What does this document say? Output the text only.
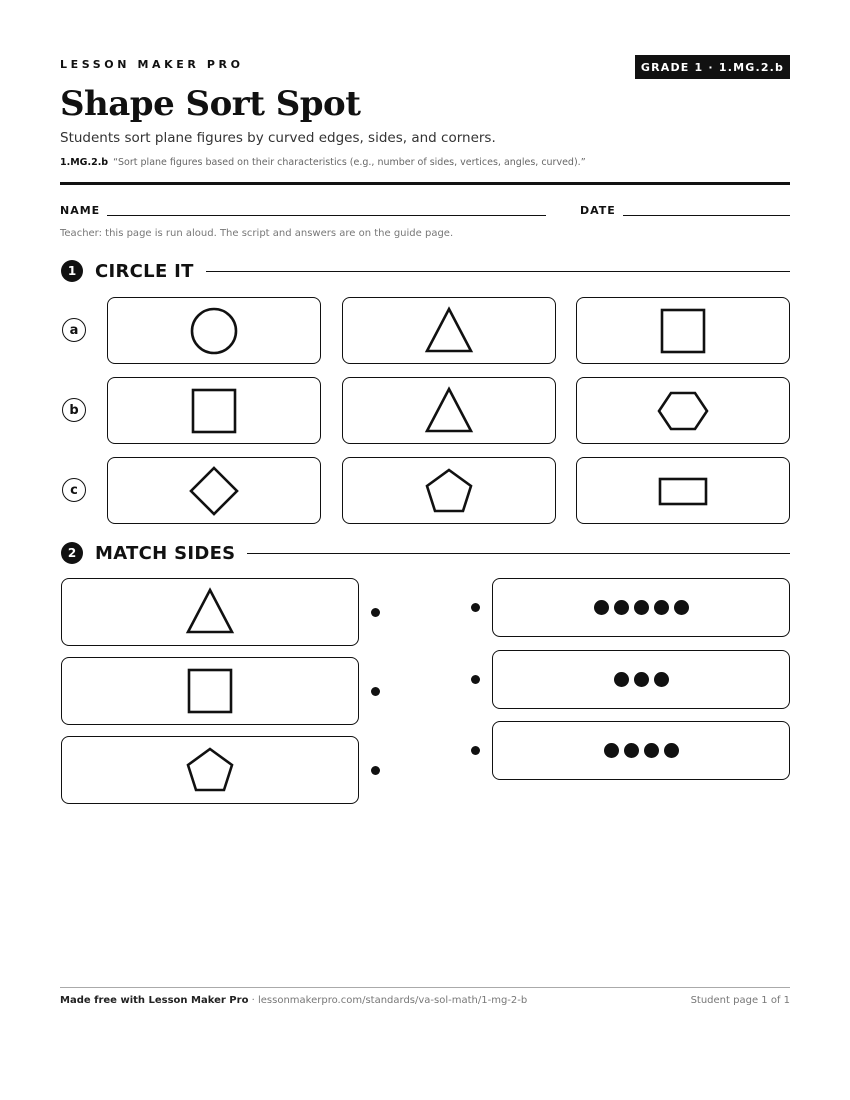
LESSON MAKER PRO	GRADE 1 · 1.MG.2.b
Shape Sort Spot
Students sort plane figures by curved edges, sides, and corners.
1.MG.2.b “Sort plane figures based on their characteristics (e.g., number of sides, vertices, angles, curved).”
NAME	DATE
Teacher: this page is run aloud. The script and answers are on the guide page.
1	CIRCLE IT
a
b
c
2	MATCH SIDES
Made free with Lesson Maker Pro · lessonmakerpro.com/standards/va-sol-math/1-mg-2-b	Student page 1 of 1
